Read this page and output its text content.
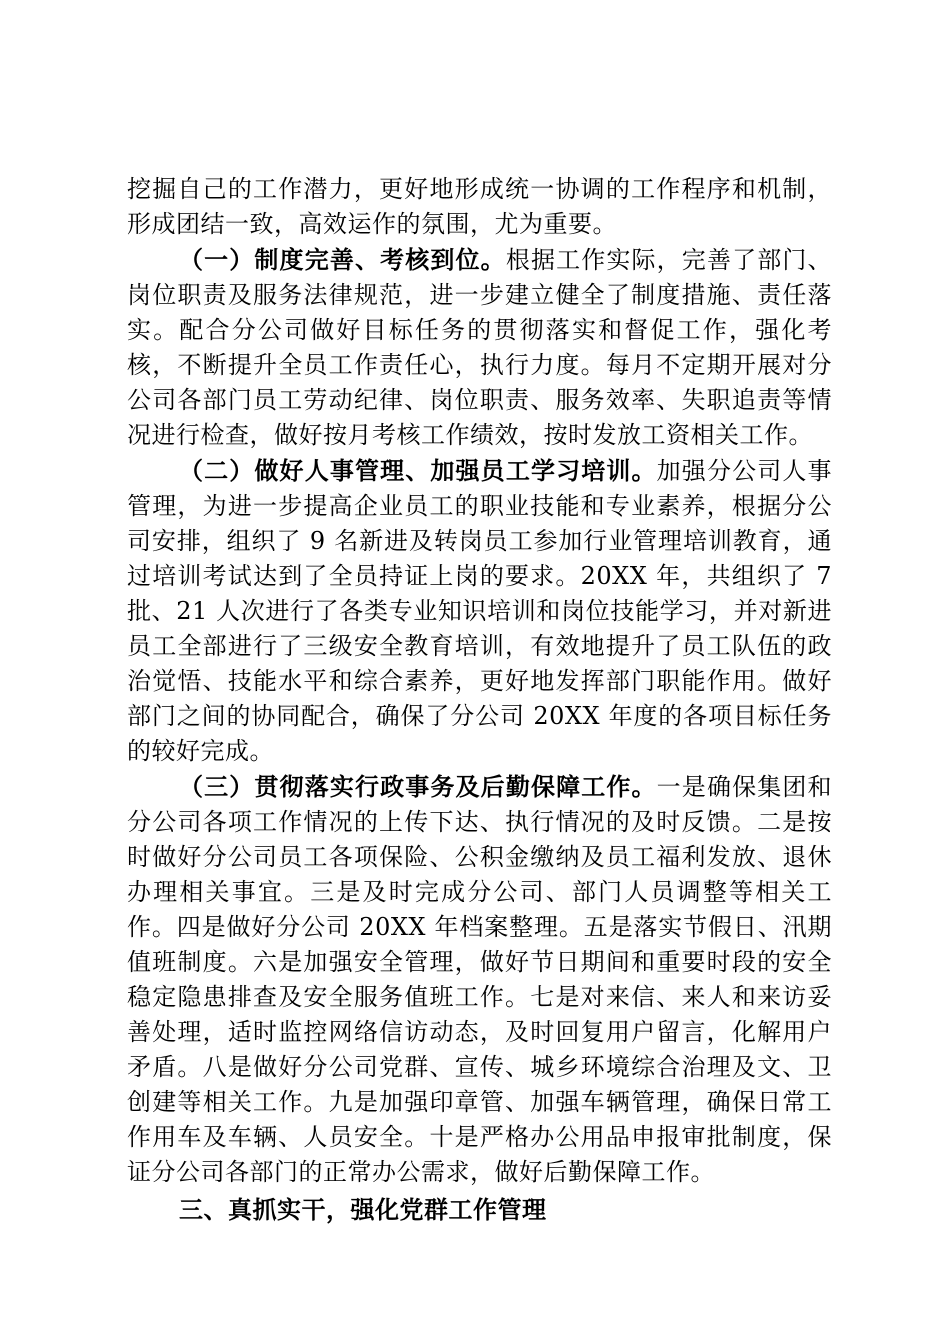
挖掘自己的工作潜力，更好地形成统一协调的工作程序和机制，形成团结一致，高效运作的氛围，尤为重要。

（一）制度完善、考核到位。根据工作实际，完善了部门、岗位职责及服务法律规范，进一步建立健全了制度措施、责任落实。配合分公司做好目标任务的贯彻落实和督促工作，强化考核，不断提升全员工作责任心，执行力度。每月不定期开展对分公司各部门员工劳动纪律、岗位职责、服务效率、失职追责等情况进行检查，做好按月考核工作绩效，按时发放工资相关工作。

（二）做好人事管理、加强员工学习培训。加强分公司人事管理，为进一步提高企业员工的职业技能和专业素养，根据分公司安排，组织了 9 名新进及转岗员工参加行业管理培训教育，通过培训考试达到了全员持证上岗的要求。20XX 年，共组织了 7 批、21 人次进行了各类专业知识培训和岗位技能学习，并对新进员工全部进行了三级安全教育培训，有效地提升了员工队伍的政治觉悟、技能水平和综合素养，更好地发挥部门职能作用。做好部门之间的协同配合，确保了分公司 20XX 年度的各项目标任务的较好完成。

（三）贯彻落实行政事务及后勤保障工作。一是确保集团和分公司各项工作情况的上传下达、执行情况的及时反馈。二是按时做好分公司员工各项保险、公积金缴纳及员工福利发放、退休办理相关事宜。三是及时完成分公司、部门人员调整等相关工作。四是做好分公司 20XX 年档案整理。五是落实节假日、汛期值班制度。六是加强安全管理，做好节日期间和重要时段的安全稳定隐患排查及安全服务值班工作。七是对来信、来人和来访妥善处理，适时监控网络信访动态，及时回复用户留言，化解用户矛盾。八是做好分公司党群、宣传、城乡环境综合治理及文、卫创建等相关工作。九是加强印章管、加强车辆管理，确保日常工作用车及车辆、人员安全。十是严格办公用品申报审批制度，保证分公司各部门的正常办公需求，做好后勤保障工作。

三、真抓实干，强化党群工作管理
